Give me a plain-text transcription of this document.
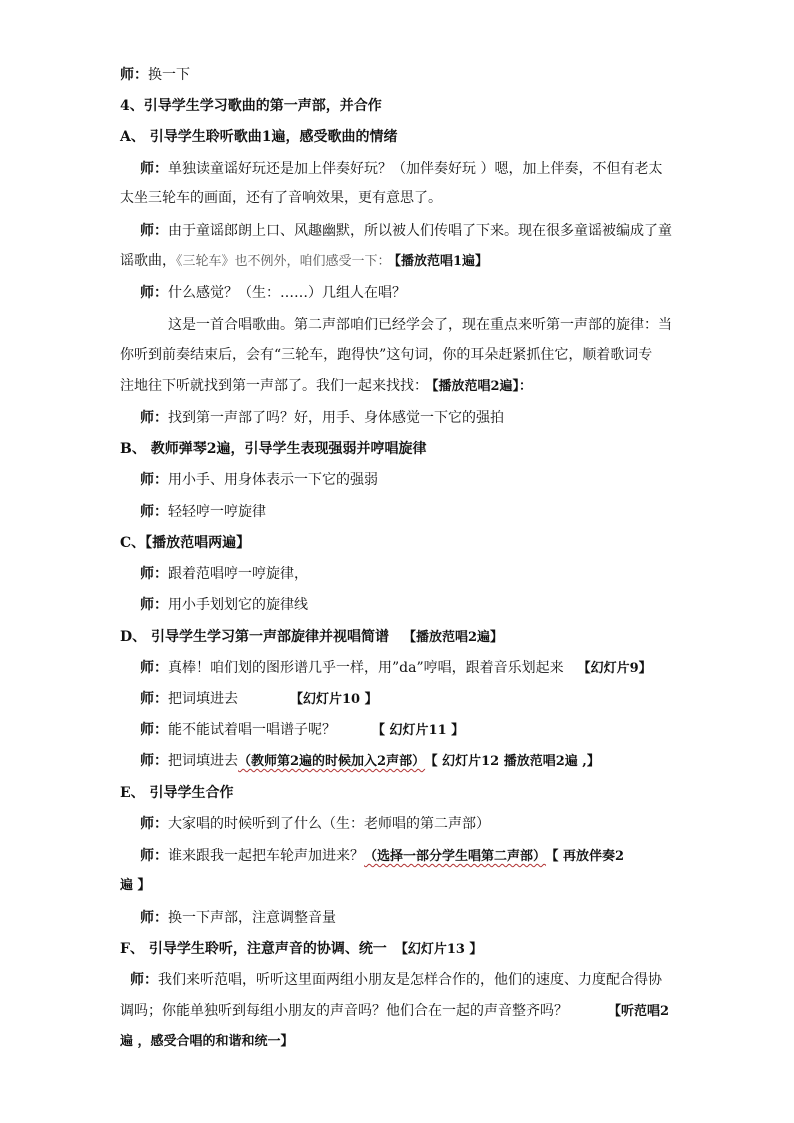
师：换一下
4、引导学生学习歌曲的第一声部，并合作
A、 引导学生聆听歌曲1遍，感受歌曲的情绪
师：单独读童谣好玩还是加上伴奏好玩？（加伴奏好玩 ）嗯，加上伴奏，不但有老太
太坐三轮车的画面，还有了音响效果，更有意思了。
师：由于童谣郎朗上口、风趣幽默，所以被人们传唱了下来。现在很多童谣被编成了童
谣歌曲，《三轮车》也不例外，咱们感受一下： 【播放范唱1遍】
师：什么感觉？（生：……）几组人在唱？
这是一首合唱歌曲。第二声部咱们已经学会了，现在重点来听第一声部的旋律：当
你听到前奏结束后，会有“三轮车，跑得快”这句词，你的耳朵赶紧抓住它，顺着歌词专
注地往下听就找到第一声部了。我们一起来找找： 【播放范唱2遍】：
师：找到第一声部了吗？好，用手、身体感觉一下它的强拍
B、 教师弹琴2遍，引导学生表现强弱并哼唱旋律
师：用小手、用身体表示一下它的强弱
师：轻轻哼一哼旋律
C、【播放范唱两遍】
师：跟着范唱哼一哼旋律，
师：用小手划划它的旋律线
D、 引导学生学习第一声部旋律并视唱简谱 【播放范唱2遍】
师：真棒！咱们划的图形谱几乎一样，用”da”哼唱，跟着音乐划起来 【幻灯片9】
师：把词填进去	【幻灯片10 】
师：能不能试着唱一唱谱子呢？	【 幻灯片11 】
师：把词填进去（教师第2遍的时候加入2声部） 【 幻灯片12 播放范唱2遍 ,】
E、 引导学生合作
师：大家唱的时候听到了什么（生：老师唱的第二声部）
师：谁来跟我一起把车轮声加进来？（选择一部分学生唱第二声部） 【 再放伴奏2
遍 】
师：换一下声部，注意调整音量
F、 引导学生聆听，注意声音的协调、统一 【幻灯片13 】
师：我们来听范唱，听听这里面两组小朋友是怎样合作的，他们的速度、力度配合得协
调吗；你能单独听到每组小朋友的声音吗？他们合在一起的声音整齐吗？	【听范唱2
遍 ，感受合唱的和谐和统一】
